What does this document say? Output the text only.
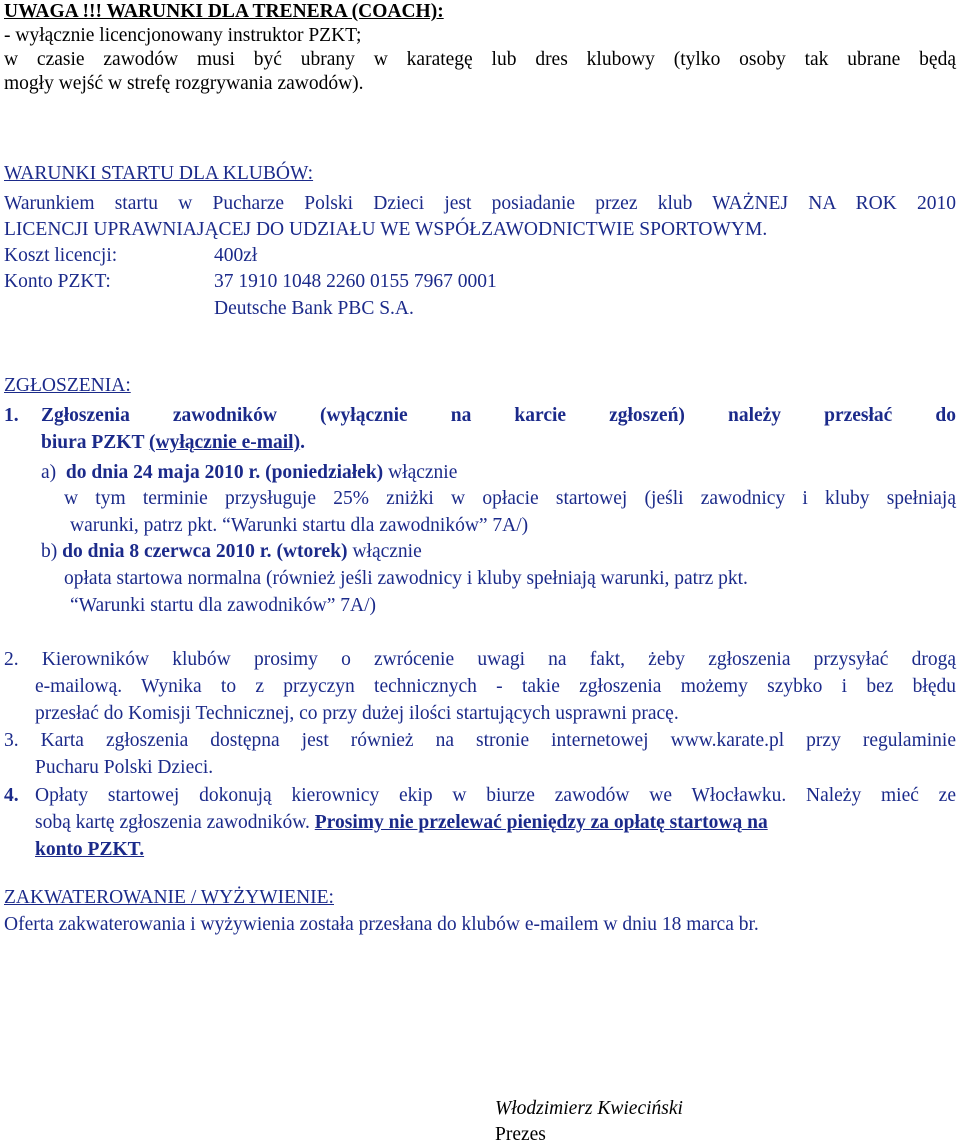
UWAGA !!! WARUNKI DLA TRENERA (COACH):
- wyłącznie licencjonowany instruktor PZKT;
w czasie zawodów musi być ubrany w karategę lub dres klubowy (tylko osoby tak ubrane będą
mogły wejść w strefę rozgrywania zawodów).
WARUNKI STARTU DLA KLUBÓW:
Warunkiem startu w Pucharze Polski Dzieci jest posiadanie przez klub WAŻNEJ NA ROK 2010
LICENCJI UPRAWNIAJĄCEJ DO UDZIAŁU WE WSPÓŁZAWODNICTWIE SPORTOWYM.
Koszt licencji:	400zł
Konto PZKT:	37 1910 1048 2260 0155 7967 0001
Deutsche Bank PBC S.A.
ZGŁOSZENIA:
1. Zgłoszenia zawodników (wyłącznie na karcie zgłoszeń) należy przesłać do
biura PZKT (wyłącznie e-mail).
a) do dnia 24 maja 2010 r. (poniedziałek) włącznie
w tym terminie przysługuje 25% zniżki w opłacie startowej (jeśli zawodnicy i kluby spełniają
warunki, patrz pkt. “Warunki startu dla zawodników” 7A/)
b) do dnia 8 czerwca 2010 r. (wtorek) włącznie
opłata startowa normalna (również jeśli zawodnicy i kluby spełniają warunki, patrz pkt.
“Warunki startu dla zawodników” 7A/)
2. Kierowników klubów prosimy o zwrócenie uwagi na fakt, żeby zgłoszenia przysyłać drogą
e-mailową. Wynika to z przyczyn technicznych - takie zgłoszenia możemy szybko i bez błędu
przesłać do Komisji Technicznej, co przy dużej ilości startujących usprawni pracę.
3. Karta zgłoszenia dostępna jest również na stronie internetowej www.karate.pl przy regulaminie
Pucharu Polski Dzieci.
4. Opłaty startowej dokonują kierownicy ekip w biurze zawodów we Włocławku. Należy mieć ze
sobą kartę zgłoszenia zawodników. Prosimy nie przelewać pieniędzy za opłatę startową na
konto PZKT.
ZAKWATEROWANIE / WYŻYWIENIE:
Oferta zakwaterowania i wyżywienia została przesłana do klubów e-mailem w dniu 18 marca br.
Włodzimierz Kwieciński
Prezes
